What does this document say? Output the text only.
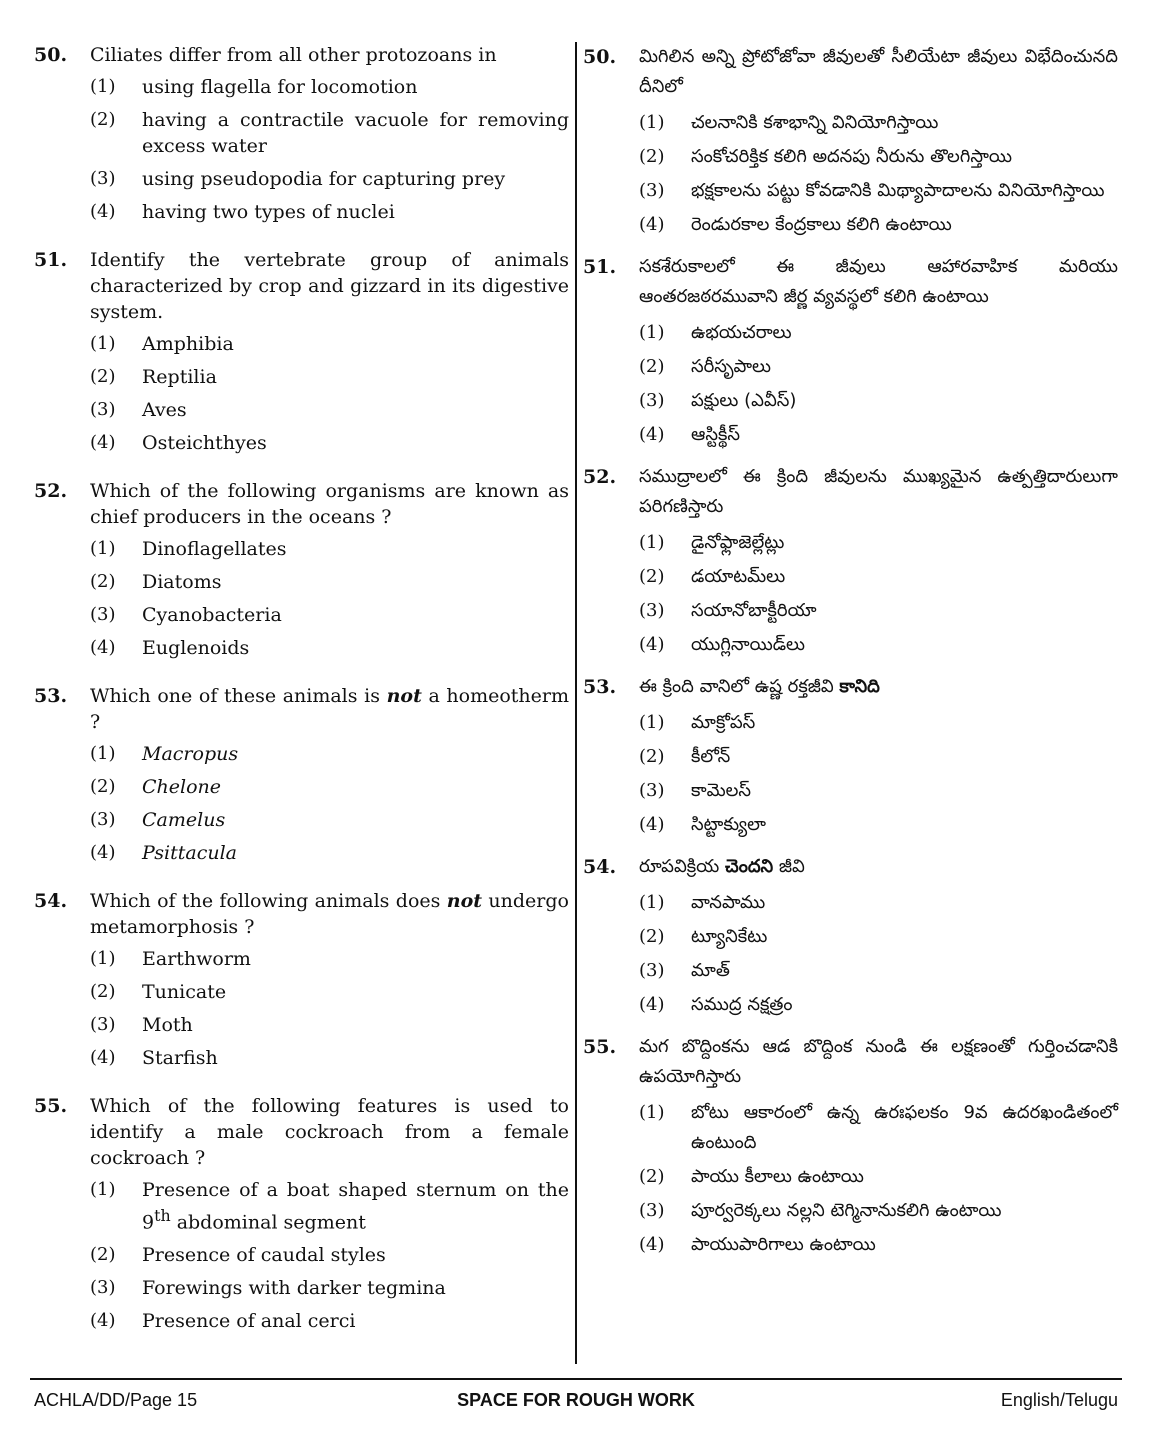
50.	Ciliates differ from all other protozoans in
(1)	using flagella for locomotion
(2)	having a contractile vacuole for removing excess water
(3)	using pseudopodia for capturing prey
(4)	having two types of nuclei
51.	Identify the vertebrate group of animals characterized by crop and gizzard in its digestive system.
(1)	Amphibia
(2)	Reptilia
(3)	Aves
(4)	Osteichthyes
52.	Which of the following organisms are known as chief producers in the oceans ?
(1)	Dinoflagellates
(2)	Diatoms
(3)	Cyanobacteria
(4)	Euglenoids
53.	Which one of these animals is not a homeotherm ?
(1)	Macropus
(2)	Chelone
(3)	Camelus
(4)	Psittacula
54.	Which of the following animals does not undergo metamorphosis ?
(1)	Earthworm
(2)	Tunicate
(3)	Moth
(4)	Starfish
55.	Which of the following features is used to identify a male cockroach from a female cockroach ?
(1)	Presence of a boat shaped sternum on the 9th abdominal segment
(2)	Presence of caudal styles
(3)	Forewings with darker tegmina
(4)	Presence of anal cerci
50.	మిగిలిన అన్ని ప్రోటోజోవా జీవులతో సీలియేటా జీవులు విభేదించునది దీనిలో
(1)	చలనానికి కశాభాన్ని వినియోగిస్తాయి
(2)	సంకోచరిక్తిక కలిగి అదనపు నీరును తొలగిస్తాయి
(3)	భక్షకాలను పట్టు కోవడానికి మిథ్యాపాదాలను వినియోగిస్తాయి
(4)	రెండురకాల కేంద్రకాలు కలిగి ఉంటాయి
51.	సకశేరుకాలలో ఈ జీవులు ఆహారవాహిక మరియు ఆంతరజఠరమువాని జీర్ణ వ్యవస్థలో కలిగి ఉంటాయి
(1)	ఉభయచరాలు
(2)	సరీసృపాలు
(3)	పక్షులు (ఎవీస్)
(4)	ఆస్టిక్థీస్
52.	సముద్రాలలో ఈ క్రింది జీవులను ముఖ్యమైన ఉత్పత్తిదారులుగా పరిగణిస్తారు
(1)	డైనోఫ్లాజెల్లేట్లు
(2)	డయాటమ్‌లు
(3)	సయానోబాక్టీరియా
(4)	యుగ్లినాయిడ్‌లు
53.	ఈ క్రింది వానిలో ఉష్ణ రక్తజీవి కానిది
(1)	మాక్రోపస్
(2)	కీలోన్
(3)	కామెలస్
(4)	సిట్టాక్యులా
54.	రూపవిక్రియ చెందని జీవి
(1)	వానపాము
(2)	ట్యూనికేటు
(3)	మాత్
(4)	సముద్ర నక్షత్రం
55.	మగ బొద్దింకను ఆడ బొద్దింక నుండి ఈ లక్షణంతో గుర్తించడానికి ఉపయోగిస్తారు
(1)	బోటు ఆకారంలో ఉన్న ఉరఃఫలకం 9వ ఉదరఖండితంలో ఉంటుంది
(2)	పాయు కీలాలు ఉంటాయి
(3)	పూర్వరెక్కలు నల్లని టెగ్మినానుకలిగి ఉంటాయి
(4)	పాయుపారిగాలు ఉంటాయి
ACHLA/DD/Page 15	SPACE FOR ROUGH WORK	English/Telugu
